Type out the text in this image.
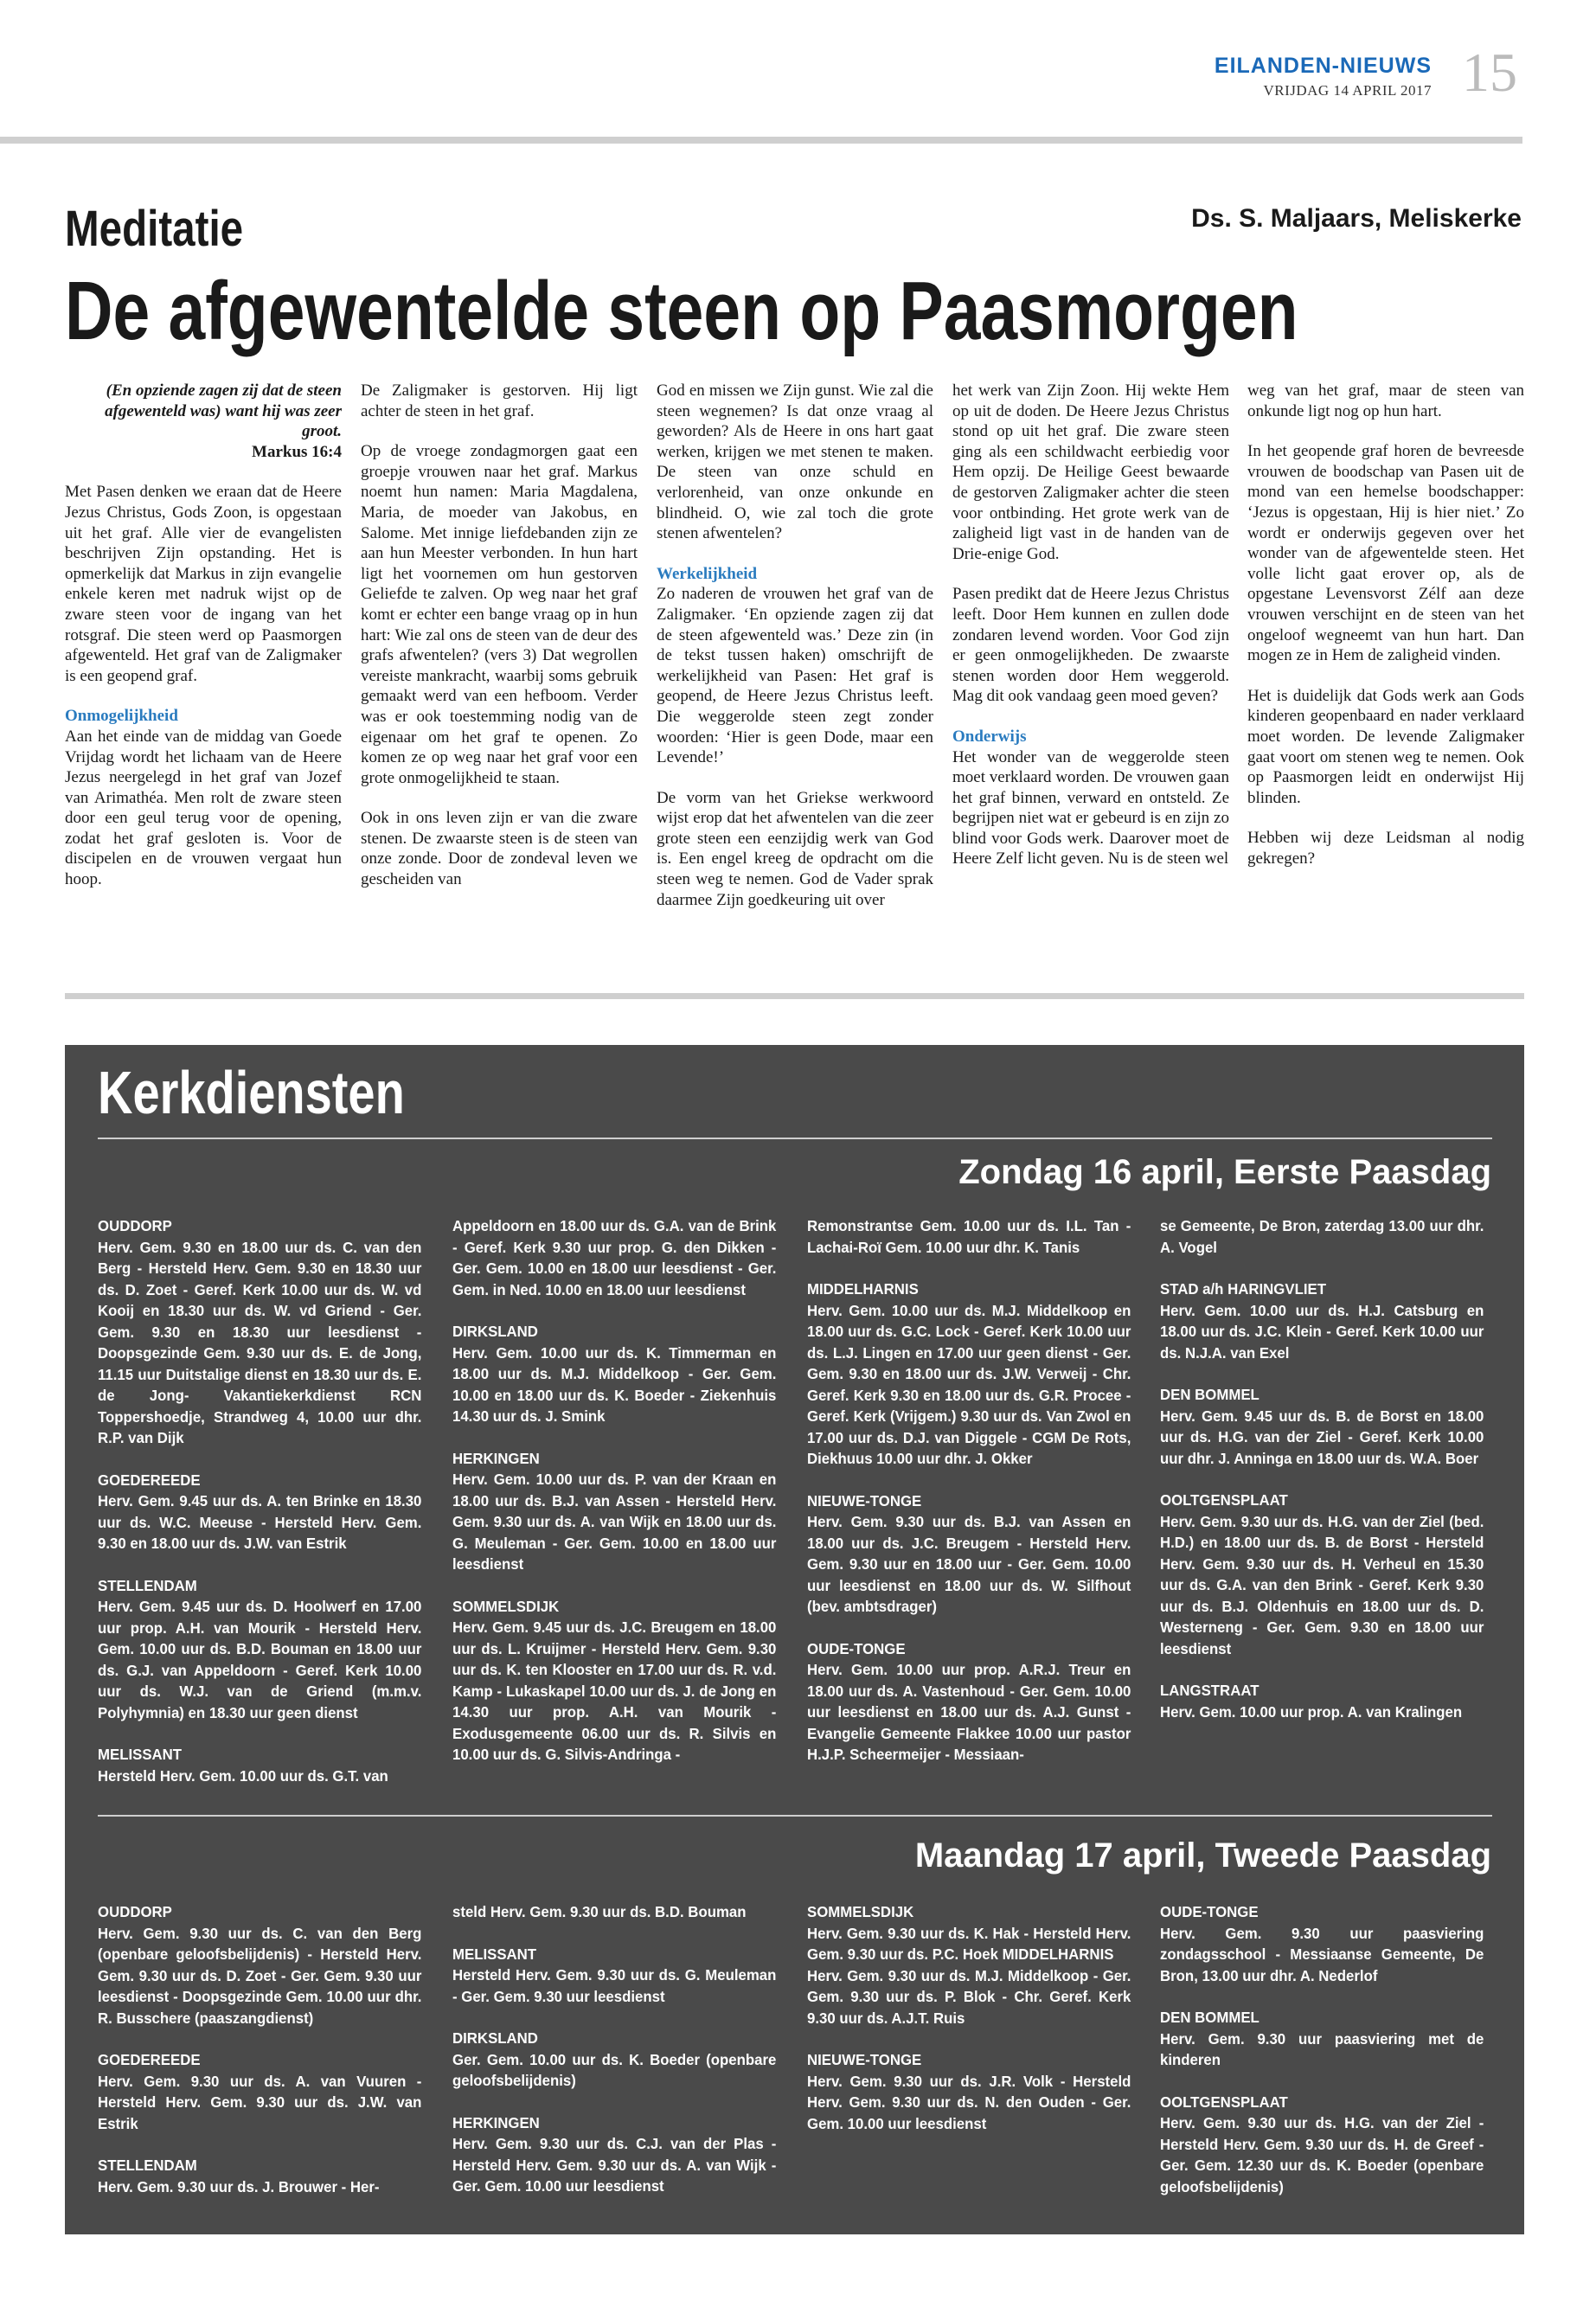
EILANDEN-NIEUWS
VRIJDAG 14 APRIL 2017 15
Meditatie	Ds. S. Maljaars, Meliskerke
De afgewentelde steen op Paasmorgen
(En opziende zagen zij dat de steen afgewenteld was) want hij was zeer groot.
Markus 16:4

Met Pasen denken we eraan dat de Heere Jezus Christus, Gods Zoon, is opgestaan uit het graf. Alle vier de evangelisten beschrijven Zijn opstanding. Het is opmerkelijk dat Markus in zijn evangelie enkele keren met nadruk wijst op de zware steen voor de ingang van het rotsgraf. Die steen werd op Paasmorgen afgewenteld. Het graf van de Zaligmaker is een geopend graf.

Onmogelijkheid

Aan het einde van de middag van Goede Vrijdag wordt het lichaam van de Heere Jezus neergelegd in het graf van Jozef van Arimathéa. Men rolt de zware steen door een geul terug voor de opening, zodat het graf gesloten is. Voor de discipelen en de vrouwen vergaat hun hoop.

De Zaligmaker is gestorven. Hij ligt achter de steen in het graf.

Op de vroege zondagmorgen gaat een groepje vrouwen naar het graf. Markus noemt hun namen: Maria Magdalena, Maria, de moeder van Jakobus, en Salome. Met innige liefdebanden zijn ze aan hun Meester verbonden. In hun hart ligt het voornemen om hun gestorven Geliefde te zalven. Op weg naar het graf komt er echter een bange vraag op in hun hart: Wie zal ons de steen van de deur des grafs afwentelen? (vers 3) Dat wegrollen vereiste mankracht, waarbij soms gebruik gemaakt werd van een hefboom. Verder was er ook toestemming nodig van de eigenaar om het graf te openen. Zo komen ze op weg naar het graf voor een grote onmogelijkheid te staan.

Ook in ons leven zijn er van die zware stenen. De zwaarste steen is de steen van onze zonde. Door de zondeval leven we gescheiden van

God en missen we Zijn gunst. Wie zal die steen wegnemen? Is dat onze vraag al geworden? Als de Heere in ons hart gaat werken, krijgen we met stenen te maken. De steen van onze schuld en verlorenheid, van onze onkunde en blindheid. O, wie zal toch die grote stenen afwentelen?

Werkelijkheid

Zo naderen de vrouwen het graf van de Zaligmaker. ‘En opziende zagen zij dat de steen afgewenteld was.’ Deze zin (in de tekst tussen haken) omschrijft de werkelijkheid van Pasen: Het graf is geopend, de Heere Jezus Christus leeft. Die weggerolde steen zegt zonder woorden: ‘Hier is geen Dode, maar een Levende!’

De vorm van het Griekse werkwoord wijst erop dat het afwentelen van die zeer grote steen een eenzijdig werk van God is. Een engel kreeg de opdracht om die steen weg te nemen. God de Vader sprak daarmee Zijn goedkeuring uit over

het werk van Zijn Zoon. Hij wekte Hem op uit de doden. De Heere Jezus Christus stond op uit het graf. Die zware steen ging als een schildwacht eerbiedig voor Hem opzij. De Heilige Geest bewaarde de gestorven Zaligmaker achter die steen voor ontbinding. Het grote werk van de zaligheid ligt vast in de handen van de Drie-enige God.

Pasen predikt dat de Heere Jezus Christus leeft. Door Hem kunnen en zullen dode zondaren levend worden. Voor God zijn er geen onmogelijkheden. De zwaarste stenen worden door Hem weggerold. Mag dit ook vandaag geen moed geven?

Onderwijs

Het wonder van de weggerolde steen moet verklaard worden. De vrouwen gaan het graf binnen, verward en ontsteld. Ze begrijpen niet wat er gebeurd is en zijn zo blind voor Gods werk. Daarover moet de Heere Zelf licht geven. Nu is de steen wel

weg van het graf, maar de steen van onkunde ligt nog op hun hart.

In het geopende graf horen de bevreesde vrouwen de boodschap van Pasen uit de mond van een hemelse boodschapper: ‘Jezus is opgestaan, Hij is hier niet.’ Zo wordt er onderwijs gegeven over het wonder van de afgewentelde steen. Het volle licht gaat erover op, als de opgestane Levensvorst Zélf aan deze vrouwen verschijnt en de steen van het ongeloof wegneemt van hun hart. Dan mogen ze in Hem de zaligheid vinden.

Het is duidelijk dat Gods werk aan Gods kinderen geopenbaard en nader verklaard moet worden. De levende Zaligmaker gaat voort om stenen weg te nemen. Ook op Paasmorgen leidt en onderwijst Hij blinden.

Hebben wij deze Leidsman al nodig gekregen?

Kerkdiensten
Zondag 16 april, Eerste Paasdag
OUDDORP

Herv. Gem. 9.30 en 18.00 uur ds. C. van den Berg - Hersteld Herv. Gem. 9.30 en 18.30 uur ds. D. Zoet - Geref. Kerk 10.00 uur ds. W. vd Kooij en 18.30 uur ds. W. vd Griend - Ger. Gem. 9.30 en 18.30 uur leesdienst - Doopsgezinde Gem. 9.30 uur ds. E. de Jong, 11.15 uur Duitstalige dienst en 18.30 uur ds. E. de Jong- Vakantiekerkdienst RCN Toppershoedje, Strandweg 4, 10.00 uur dhr. R.P. van Dijk

GOEDEREEDE

Herv. Gem. 9.45 uur ds. A. ten Brinke en 18.30 uur ds. W.C. Meeuse - Hersteld Herv. Gem. 9.30 en 18.00 uur ds. J.W. van Estrik

STELLENDAM

Herv. Gem. 9.45 uur ds. D. Hoolwerf en 17.00 uur prop. A.H. van Mourik - Hersteld Herv. Gem. 10.00 uur ds. B.D. Bouman en 18.00 uur ds. G.J. van Appeldoorn - Geref. Kerk 10.00 uur ds. W.J. van de Griend (m.m.v. Polyhymnia) en 18.30 uur geen dienst

MELISSANT

Hersteld Herv. Gem. 10.00 uur ds. G.T. van

Appeldoorn en 18.00 uur ds. G.A. van de Brink - Geref. Kerk 9.30 uur prop. G. den Dikken - Ger. Gem. 10.00 en 18.00 uur leesdienst - Ger. Gem. in Ned. 10.00 en 18.00 uur leesdienst

DIRKSLAND

Herv. Gem. 10.00 uur ds. K. Timmerman en 18.00 uur ds. M.J. Middelkoop - Ger. Gem. 10.00 en 18.00 uur ds. K. Boeder - Ziekenhuis 14.30 uur ds. J. Smink

HERKINGEN

Herv. Gem. 10.00 uur ds. P. van der Kraan en 18.00 uur ds. B.J. van Assen - Hersteld Herv. Gem. 9.30 uur ds. A. van Wijk en 18.00 uur ds. G. Meuleman - Ger. Gem. 10.00 en 18.00 uur leesdienst

SOMMELSDIJK

Herv. Gem. 9.45 uur ds. J.C. Breugem en 18.00 uur ds. L. Kruijmer - Hersteld Herv. Gem. 9.30 uur ds. K. ten Klooster en 17.00 uur ds. R. v.d. Kamp - Lukaskapel 10.00 uur ds. J. de Jong en 14.30 uur prop. A.H. van Mourik - Exodusgemeente 06.00 uur ds. R. Silvis en 10.00 uur ds. G. Silvis-Andringa -

Remonstrantse Gem. 10.00 uur ds. I.L. Tan - Lachai-Roï Gem. 10.00 uur dhr. K. Tanis

MIDDELHARNIS

Herv. Gem. 10.00 uur ds. M.J. Middelkoop en 18.00 uur ds. G.C. Lock - Geref. Kerk 10.00 uur ds. L.J. Lingen en 17.00 uur geen dienst - Ger. Gem. 9.30 en 18.00 uur ds. J.W. Verweij - Chr. Geref. Kerk 9.30 en 18.00 uur ds. G.R. Procee - Geref. Kerk (Vrijgem.) 9.30 uur ds. Van Zwol en 17.00 uur ds. D.J. van Diggele - CGM De Rots, Diekhuus 10.00 uur dhr. J. Okker

NIEUWE-TONGE

Herv. Gem. 9.30 uur ds. B.J. van Assen en 18.00 uur ds. J.C. Breugem - Hersteld Herv. Gem. 9.30 uur en 18.00 uur - Ger. Gem. 10.00 uur leesdienst en 18.00 uur ds. W. Silfhout (bev. ambtsdrager)

OUDE-TONGE

Herv. Gem. 10.00 uur prop. A.R.J. Treur en 18.00 uur ds. A. Vastenhoud - Ger. Gem. 10.00 uur leesdienst en 18.00 uur ds. A.J. Gunst - Evangelie Gemeente Flakkee 10.00 uur pastor H.J.P. Scheermeijer - Messiaan-

se Gemeente, De Bron, zaterdag 13.00 uur dhr. A. Vogel

STAD a/h HARINGVLIET

Herv. Gem. 10.00 uur ds. H.J. Catsburg en 18.00 uur ds. J.C. Klein - Geref. Kerk 10.00 uur ds. N.J.A. van Exel

DEN BOMMEL

Herv. Gem. 9.45 uur ds. B. de Borst en 18.00 uur ds. H.G. van der Ziel - Geref. Kerk 10.00 uur dhr. J. Anninga en 18.00 uur ds. W.A. Boer

OOLTGENSPLAAT

Herv. Gem. 9.30 uur ds. H.G. van der Ziel (bed. H.D.) en 18.00 uur ds. B. de Borst - Hersteld Herv. Gem. 9.30 uur ds. H. Verheul en 15.30 uur ds. G.A. van den Brink - Geref. Kerk 9.30 uur ds. B.J. Oldenhuis en 18.00 uur ds. D. Westerneng - Ger. Gem. 9.30 en 18.00 uur leesdienst

LANGSTRAAT

Herv. Gem. 10.00 uur prop. A. van Kralingen

Maandag 17 april, Tweede Paasdag
OUDDORP

Herv. Gem. 9.30 uur ds. C. van den Berg (openbare geloofsbelijdenis) - Hersteld Herv. Gem. 9.30 uur ds. D. Zoet - Ger. Gem. 9.30 uur leesdienst - Doopsgezinde Gem. 10.00 uur dhr. R. Busschere (paaszangdienst)

GOEDEREEDE

Herv. Gem. 9.30 uur ds. A. van Vuuren - Hersteld Herv. Gem. 9.30 uur ds. J.W. van Estrik

STELLENDAM

Herv. Gem. 9.30 uur ds. J. Brouwer - Her-

steld Herv. Gem. 9.30 uur ds. B.D. Bouman

MELISSANT

Hersteld Herv. Gem. 9.30 uur ds. G. Meuleman - Ger. Gem. 9.30 uur leesdienst

DIRKSLAND

Ger. Gem. 10.00 uur ds. K. Boeder (openbare geloofsbelijdenis)

HERKINGEN

Herv. Gem. 9.30 uur ds. C.J. van der Plas - Hersteld Herv. Gem. 9.30 uur ds. A. van Wijk - Ger. Gem. 10.00 uur leesdienst

SOMMELSDIJK
Herv. Gem. 9.30 uur ds. K. Hak - Hersteld Herv. Gem. 9.30 uur ds. P.C. Hoek MIDDELHARNIS

Herv. Gem. 9.30 uur ds. M.J. Middelkoop - Ger. Gem. 9.30 uur ds. P. Blok - Chr. Geref. Kerk 9.30 uur ds. A.J.T. Ruis

NIEUWE-TONGE

Herv. Gem. 9.30 uur ds. J.R. Volk - Hersteld Herv. Gem. 9.30 uur ds. N. den Ouden - Ger. Gem. 10.00 uur leesdienst

OUDE-TONGE

Herv. Gem. 9.30 uur paasviering zondagsschool - Messiaanse Gemeente, De Bron, 13.00 uur dhr. A. Nederlof

DEN BOMMEL

Herv. Gem. 9.30 uur paasviering met de kinderen

OOLTGENSPLAAT

Herv. Gem. 9.30 uur ds. H.G. van der Ziel - Hersteld Herv. Gem. 9.30 uur ds. H. de Greef - Ger. Gem. 12.30 uur ds. K. Boeder (openbare geloofsbelijdenis)
